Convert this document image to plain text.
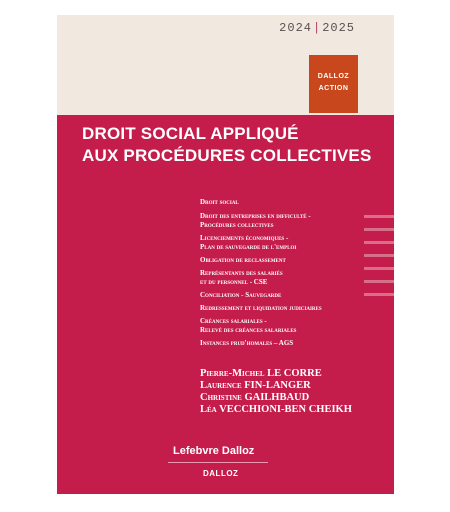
2024|2025
DALLOZ
ACTION
DROIT SOCIAL APPLIQUÉ
AUX PROCÉDURES COLLECTIVES
Droit social
Droit des entreprises en difficulté -
Procédures collectives
Licenciements économiques -
Plan de sauvegarde de l'emploi
Obligation de reclassement
Représentants des salariés
et du personnel - CSE
Conciliation - Sauvegarde
Redressement et liquidation judiciaires
Créances salariales -
Relevé des créances salariales
Instances prud'homales – AGS
Pierre-Michel LE CORRE
Laurence FIN-LANGER
Christine GAILHBAUD
Léa VECCHIONI-BEN CHEIKH
Lefebvre Dalloz
DALLOZ
